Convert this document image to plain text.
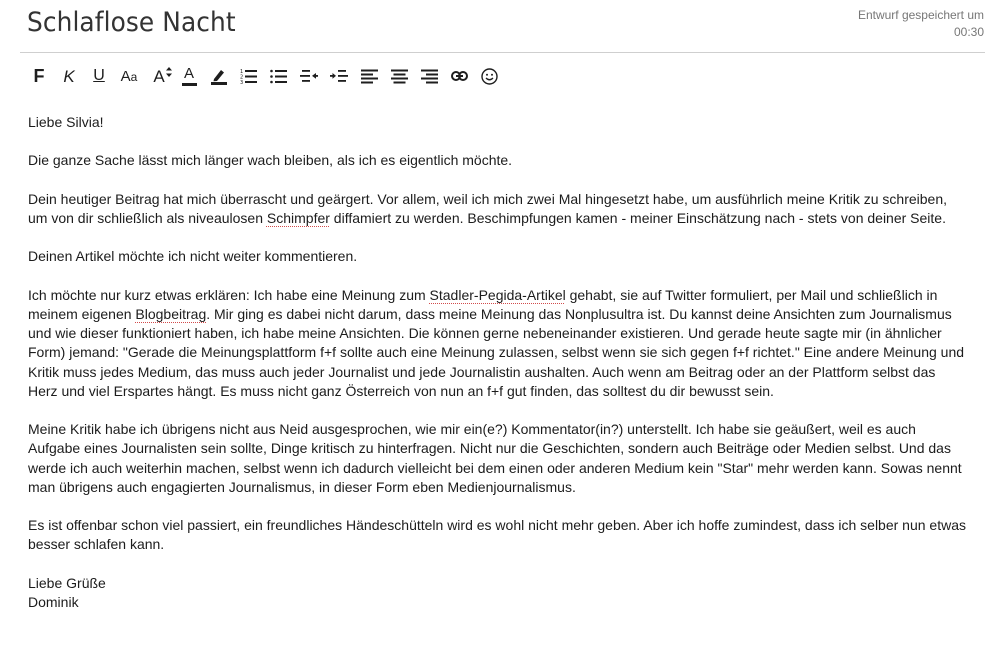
Schlaflose Nacht	Entwurf gespeichert um
00:30
F K U Aa A A	1
2
3

Liebe Silvia!

Die ganze Sache lässt mich länger wach bleiben, als ich es eigentlich möchte.

Dein heutiger Beitrag hat mich überrascht und geärgert. Vor allem, weil ich mich zwei Mal hingesetzt habe, um ausführlich meine Kritik zu schreiben, um von dir schließlich als niveaulosen Schimpfer diffamiert zu werden. Beschimpfungen kamen - meiner Einschätzung nach - stets von deiner Seite.

Deinen Artikel möchte ich nicht weiter kommentieren.

Ich möchte nur kurz etwas erklären: Ich habe eine Meinung zum Stadler-Pegida-Artikel gehabt, sie auf Twitter formuliert, per Mail und schließlich in meinem eigenen Blogbeitrag. Mir ging es dabei nicht darum, dass meine Meinung das Nonplusultra ist. Du kannst deine Ansichten zum Journalismus und wie dieser funktioniert haben, ich habe meine Ansichten. Die können gerne nebeneinander existieren. Und gerade heute sagte mir (in ähnlicher Form) jemand: "Gerade die Meinungsplattform f+f sollte auch eine Meinung zulassen, selbst wenn sie sich gegen f+f richtet." Eine andere Meinung und Kritik muss jedes Medium, das muss auch jeder Journalist und jede Journalistin aushalten. Auch wenn am Beitrag oder an der Plattform selbst das Herz und viel Erspartes hängt. Es muss nicht ganz Österreich von nun an f+f gut finden, das solltest du dir bewusst sein.

Meine Kritik habe ich übrigens nicht aus Neid ausgesprochen, wie mir ein(e?) Kommentator(in?) unterstellt. Ich habe sie geäußert, weil es auch Aufgabe eines Journalisten sein sollte, Dinge kritisch zu hinterfragen. Nicht nur die Geschichten, sondern auch Beiträge oder Medien selbst. Und das werde ich auch weiterhin machen, selbst wenn ich dadurch vielleicht bei dem einen oder anderen Medium kein "Star" mehr werden kann. Sowas nennt man übrigens auch engagierten Journalismus, in dieser Form eben Medienjournalismus.

Es ist offenbar schon viel passiert, ein freundliches Händeschütteln wird es wohl nicht mehr geben. Aber ich hoffe zumindest, dass ich selber nun etwas besser schlafen kann.

Liebe Grüße

Dominik
